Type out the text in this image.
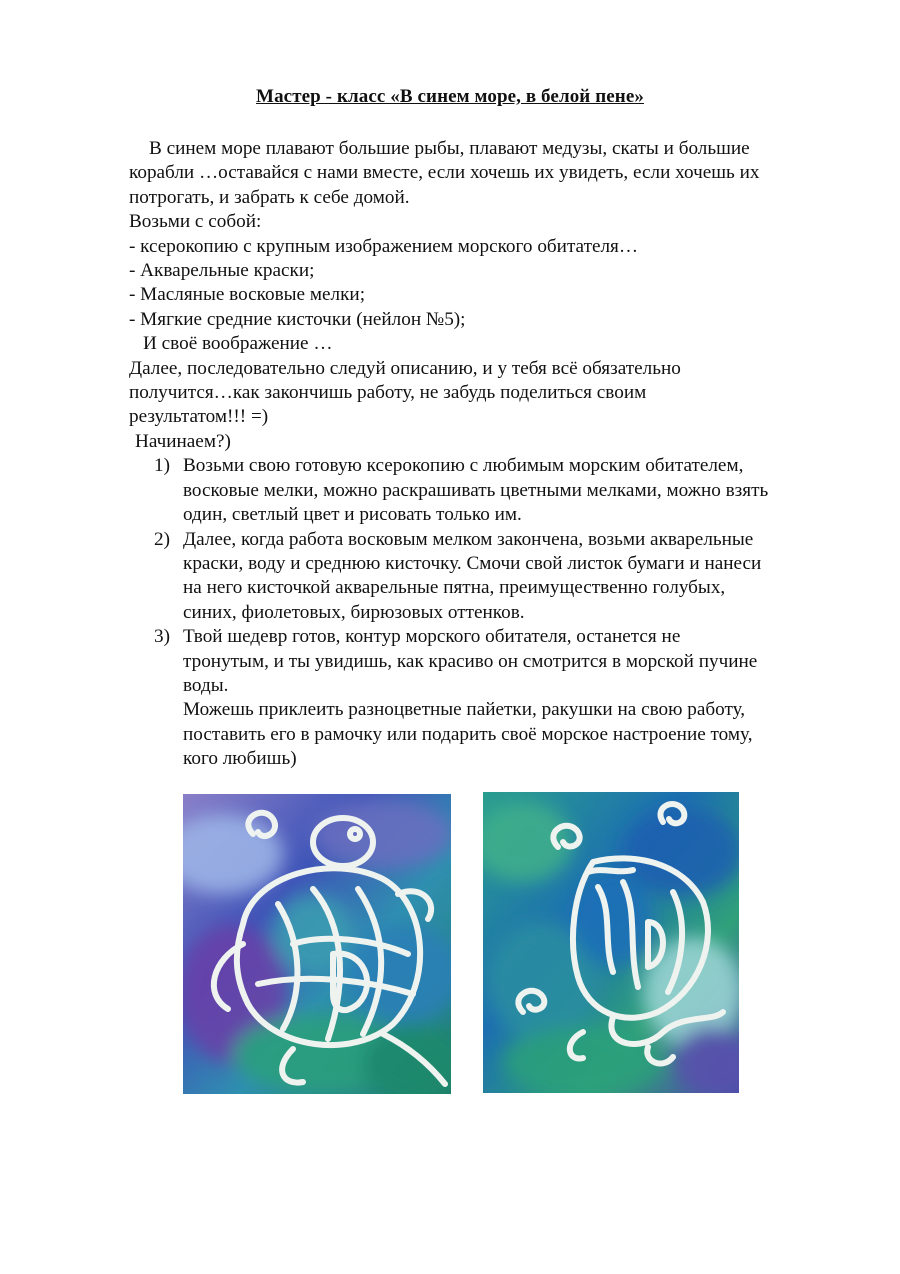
Мастер - класс «В синем море, в белой пене»
В синем море плавают большие рыбы, плавают медузы, скаты и большие
корабли …оставайся с нами вместе, если хочешь их увидеть, если хочешь их
потрогать, и забрать к себе домой.
Возьми с собой:
- ксерокопию с крупным изображением морского обитателя…
- Акварельные краски;
- Масляные восковые мелки;
- Мягкие средние кисточки (нейлон №5);
И своё воображение …
Далее, последовательно следуй описанию, и у тебя всё обязательно
получится…как закончишь работу, не забудь поделиться своим
результатом!!! =)
Начинаем?)
1) Возьми свою готовую ксерокопию с любимым морским обитателем,
восковые мелки, можно раскрашивать цветными мелками, можно взять
один, светлый цвет и рисовать только им.
2) Далее, когда работа восковым мелком закончена, возьми акварельные
краски, воду и среднюю кисточку. Смочи свой листок бумаги и нанеси
на него кисточкой акварельные пятна, преимущественно голубых,
синих, фиолетовых, бирюзовых оттенков.
3) Твой шедевр готов, контур морского обитателя, останется не
тронутым, и ты увидишь, как красиво он смотрится в морской пучине
воды.
Можешь приклеить разноцветные пайетки, ракушки на свою работу,
поставить его в рамочку или подарить своё морское настроение тому,
кого любишь)
